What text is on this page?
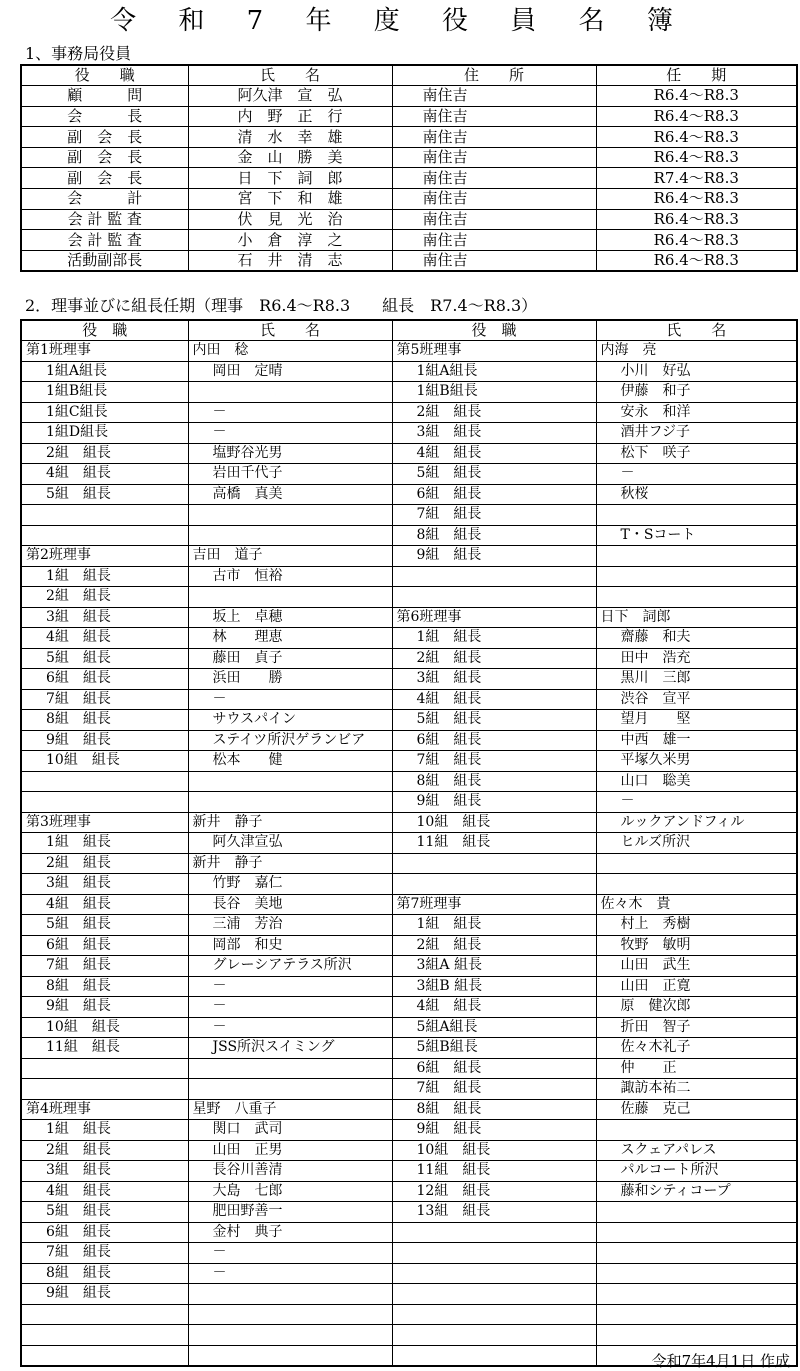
令 和 7 年 度 役 員 名 簿
1、事務局役員
役　　職	氏　　名	住　　所	任　　期
顧　　　問	阿久津　宣　弘	南住吉	R6.4～R8.3
会　　　長	内　野　正　行	南住吉	R6.4～R8.3
副　会　長	清　水　幸　雄	南住吉	R6.4～R8.3
副　会　長	金　山　勝　美	南住吉	R6.4～R8.3
副　会　長	日　下　詞　郎	南住吉	R7.4～R8.3
会　　　計	宮　下　和　雄	南住吉	R6.4～R8.3
会 計 監 査	伏　見　光　治	南住吉	R6.4～R8.3
会 計 監 査	小　倉　淳　之	南住吉	R6.4～R8.3
活動副部長	石　井　清　志	南住吉	R6.4～R8.3
2．理事並びに組長任期（理事　R6.4～R8.3　　組長　R7.4～R8.3）
役　職	氏　　名	役　職	氏　　名
第1班理事	内田　稔	第5班理事	内海　亮
1組A組長	岡田　定晴	1組A組長	小川　好弘
1組B組長		1組B組長	伊藤　和子
1組C組長	－	2組　組長	安永　和洋
1組D組長	－	3組　組長	酒井フジ子
2組　組長	塩野谷光男	4組　組長	松下　咲子
4組　組長	岩田千代子	5組　組長	－
5組　組長	高橋　真美	6組　組長	秋桜
		7組　組長	
		8組　組長	T・Sコート
第2班理事	吉田　道子	9組　組長	
1組　組長	古市　恒裕		
2組　組長			
3組　組長	坂上　卓穂	第6班理事	日下　詞郎
4組　組長	林　　理恵	1組　組長	齋藤　和夫
5組　組長	藤田　貞子	2組　組長	田中　浩充
6組　組長	浜田　　勝	3組　組長	黒川　三郎
7組　組長	－	4組　組長	渋谷　宣平
8組　組長	サウスパイン	5組　組長	望月　　堅
9組　組長	ステイツ所沢ゲランビア	6組　組長	中西　雄一
10組　組長	松本　　健	7組　組長	平塚久米男
		8組　組長	山口　聡美
		9組　組長	－
第3班理事	新井　静子	10組　組長	ルックアンドフィル
1組　組長	阿久津宣弘	11組　組長	ヒルズ所沢
2組　組長	新井　静子		
3組　組長	竹野　嘉仁		
4組　組長	長谷　美地	第7班理事	佐々木　貴
5組　組長	三浦　芳治	1組　組長	村上　秀樹
6組　組長	岡部　和史	2組　組長	牧野　敏明
7組　組長	グレーシアテラス所沢	3組A 組長	山田　武生
8組　組長	－	3組B 組長	山田　正寛
9組　組長	－	4組　組長	原　健次郎
10組　組長	－	5組A組長	折田　智子
11組　組長	JSS所沢スイミング	5組B組長	佐々木礼子
		6組　組長	仲　　正
		7組　組長	諏訪本祐二
第4班理事	星野　八重子	8組　組長	佐藤　克己
1組　組長	関口　武司	9組　組長	
2組　組長	山田　正男	10組　組長	スクェアパレス
3組　組長	長谷川善清	11組　組長	パルコート所沢
4組　組長	大島　七郎	12組　組長	藤和シティコープ
5組　組長	肥田野善一	13組　組長	
6組　組長	金村　典子		
7組　組長	－		
8組　組長	－		
9組　組長			

令和7年4月1日 作成
